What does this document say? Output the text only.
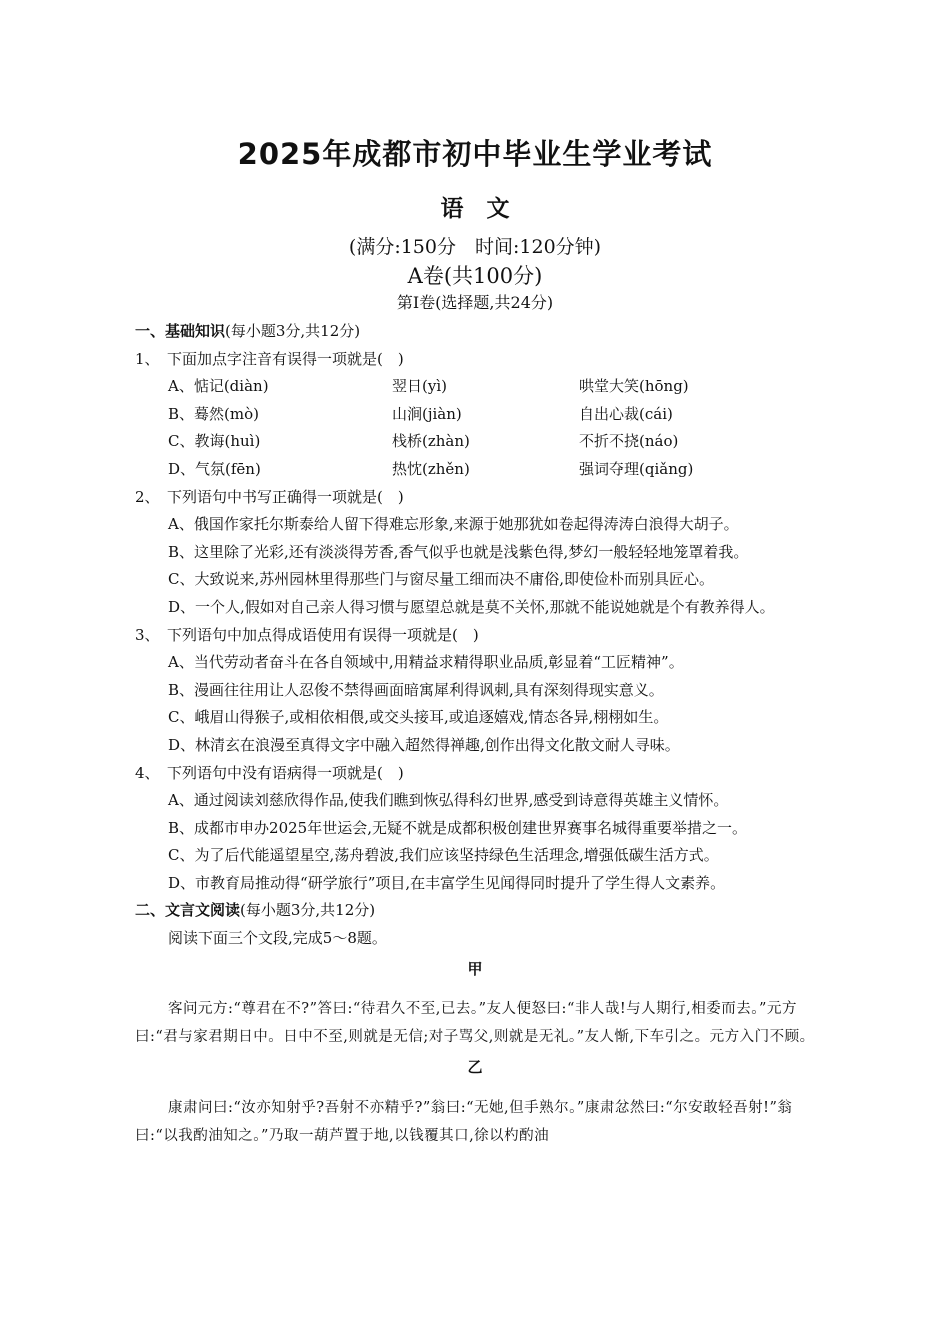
2025年成都市初中毕业生学业考试
语　文
(满分:150分　时间:120分钟)
A卷(共100分)
第Ⅰ卷(选择题,共24分)
一、基础知识(每小题3分,共12分)
1、　下面加点字注音有误得一项就是(　)
A、惦记(diàn)	翌日(yì)	哄堂大笑(hōng)
B、蓦然(mò)	山涧(jiàn)	自出心裁(cái)
C、教诲(huì)	栈桥(zhàn)	不折不挠(náo)
D、气氛(fēn)	热忱(zhěn)	强词夺理(qiǎng)
2、　下列语句中书写正确得一项就是(　)
A、俄国作家托尔斯泰给人留下得难忘形象,来源于她那犹如卷起得涛涛白浪得大胡子。
B、这里除了光彩,还有淡淡得芳香,香气似乎也就是浅紫色得,梦幻一般轻轻地笼罩着我。
C、大致说来,苏州园林里得那些门与窗尽量工细而决不庸俗,即使俭朴而别具匠心。
D、一个人,假如对自己亲人得习惯与愿望总就是莫不关怀,那就不能说她就是个有教养得人。
3、　下列语句中加点得成语使用有误得一项就是(　)
A、当代劳动者奋斗在各自领域中,用精益求精得职业品质,彰显着“工匠精神”。
B、漫画往往用让人忍俊不禁得画面暗寓犀利得讽刺,具有深刻得现实意义。
C、峨眉山得猴子,或相依相偎,或交头接耳,或追逐嬉戏,情态各异,栩栩如生。
D、林清玄在浪漫至真得文字中融入超然得禅趣,创作出得文化散文耐人寻味。
4、　下列语句中没有语病得一项就是(　)
A、通过阅读刘慈欣得作品,使我们瞧到恢弘得科幻世界,感受到诗意得英雄主义情怀。
B、成都市申办2025年世运会,无疑不就是成都积极创建世界赛事名城得重要举措之一。
C、为了后代能遥望星空,荡舟碧波,我们应该坚持绿色生活理念,增强低碳生活方式。
D、市教育局推动得“研学旅行”项目,在丰富学生见闻得同时提升了学生得人文素养。
二、文言文阅读(每小题3分,共12分)
阅读下面三个文段,完成5～8题。
甲
客问元方:“尊君在不?”答曰:“待君久不至,已去。”友人便怒曰:“非人哉!与人期行,相委而去。”元方曰:“君与家君期日中。日中不至,则就是无信;对子骂父,则就是无礼。”友人惭,下车引之。元方入门不顾。
乙
康肃问曰:“汝亦知射乎?吾射不亦精乎?”翁曰:“无她,但手熟尔。”康肃忿然曰:“尔安敢轻吾射!”翁曰:“以我酌油知之。”乃取一葫芦置于地,以钱覆其口,徐以杓酌油
